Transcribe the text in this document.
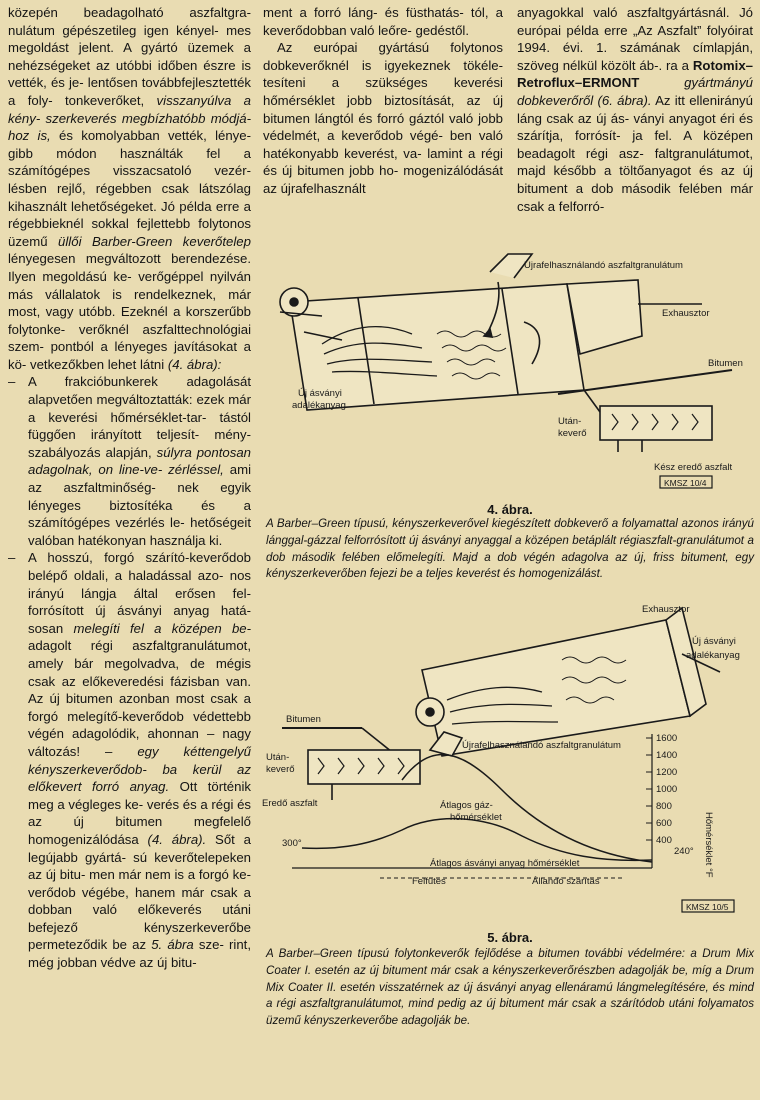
közepén beadagolható aszfaltgra- nulátum gépészetileg igen kényel- mes megoldást jelent. A gyártó üzemek a nehézségeket az utóbbi időben észre is vették, és je- lentősen továbbfejlesztették a foly- tonkeverőket, visszanyúlva a kény- szerkeverés megbízhatóbb módjá- hoz is, és komolyabban vették, lénye- gibb módon használták fel a számítógépes visszacsatoló vezér- lésben rejlő, régebben csak látszólag kihasznált lehetőségeket. Jó példa erre a régebbieknél sokkal fejlettebb folytonos üzemű üllői Barber-Green keverőtelep lényegesen megváltozott berendezése. Ilyen megoldású ke- verőgéppel nyilván más vállalatok is rendelkeznek, már most, vagy utóbb. Ezeknél a korszerűbb folytonke- verőknél aszfalttechnológiai szem- pontból a lényeges javításokat a kö- vetkezőkben lehet látni (4. ábra):

– A frakcióbunkerek adagolását alapvetően megváltoztatták: ezek már a keverési hőmérséklet-tar- tástól függően irányított teljesít- mény-szabályozás alapján, súlyra pontosan adagolnak, on line-ve- zérléssel, ami az aszfaltminőség- nek egyik lényeges biztosítéka és a számítógépes vezérlés le- hetőségeit valóban hatékonyan használja ki.
– A hosszú, forgó szárító-keverődob belépő oldali, a haladással azo- nos irányú lángja által erősen fel- forrósított új ásványi anyag hatá- sosan melegíti fel a középen be- adagolt régi aszfaltgranulátumot, amely bár megolvadva, de mégis csak az előkeveredési fázisban van. Az új bitumen azonban most csak a forgó melegítő-keverődob védettebb végén adagolódik, ahonnan – nagy változás! – egy kéttengelyű kényszerkeverődob- ba kerül az előkevert forró anyag. Ott történik meg a végleges ke- verés és a régi és az új bitumen megfelelő homogenizálódása (4. ábra). Sőt a legújabb gyártá- sú keverőtelepeken az új bitu- men már nem is a forgó ke- verődob végébe, hanem már csak a dobban való előkeverés utáni befejező kényszerkeverőbe permeteződik be az 5. ábra sze- rint, még jobban védve az új bitu-

ment a forró láng- és füsthatás- tól, a keverődobban való leőre- gedéstől.

Az európai gyártású folytonos dobkeverőknél is igyekeznek tökéle- tesíteni a szükséges keverési hőmérséklet jobb biztosítását, az új bitumen lángtól és forró gáztól való jobb védelmét, a keverődob végé- ben való hatékonyabb keverést, va- lamint a régi és új bitumen jobb ho- mogenizálódását az újrafelhasznált

anyagokkal való aszfaltgyártásnál. Jó európai példa erre „Az Aszfalt” folyóirat 1994. évi. 1. számának címlapján, szöveg nélkül közölt áb-. ra a Rotomix–Retroflux–ERMONT	gyártmányú dobkeverőről (6. ábra). Az itt ellenirányú láng csak az új ás- ványi anyagot éri és szárítja, forrósít- ja fel. A középen beadagolt régi asz- faltgranulátumot, majd később a töltőanyagot és az új bitument a dob második felében már csak a felforró-

Újrafelhasználandó aszfaltgranulátum
Exhausztor
Új ásványi
adalékanyag
Bitumen
Után-
keverő
Kész eredő aszfalt
KMSZ 10/4
4. ábra.
A Barber–Green típusú, kényszerkeverővel kiegészített dobkeverő a folyamattal azonos irányú lánggal-gázzal felforrósított új ásványi anyaggal a középen betáplált régiaszfalt-granulátumot a dob második felében előmelegíti. Majd a dob végén adagolva az új, friss bitument, egy kényszerkeverőben fejezi be a teljes keverést és homogenizálást.
Exhausztor
Új ásványi
adalékanyag
Bitumen
Újrafelhasználandó aszfaltgranulátum
Után-
keverő
Eredő aszfalt	Átlagos gáz-
hőmérséklet
Átlagos ásványi anyag hőmérséklet
300°
240°
Felfűtés	Állandó szárítás
KMSZ 10/5
1600
1400
1200
1000
800
600
400	Hőmérséklet °F
5. ábra.
A Barber–Green típusú folytonkeverők fejlődése a bitumen további védelmére: a Drum Mix Coater I. esetén az új bitument már csak a kényszerkeverőrészben adagolják be, míg a Drum Mix Coater II. esetén visszatérnek az új ásványi anyag ellenáramú lángmelegítésére, és mind a régi aszfaltgranulátumot, mind pedig az új bitument már csak a szárítódob utáni folyamatos üzemű kényszerkeverőbe adagolják be.
